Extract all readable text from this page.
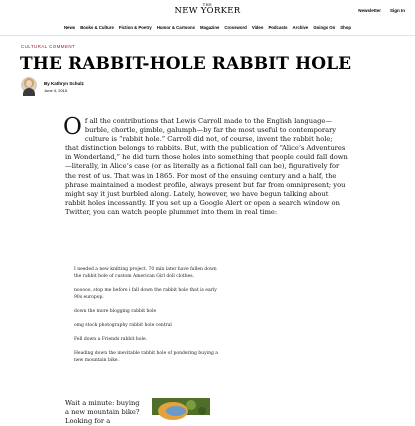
THE
NEW YORKER	Newsletter Sign In
News Books & Culture Fiction & Poetry Humor & Cartoons Magazine Crossword Video Podcasts Archive Goings On Shop
CULTURAL COMMENT
THE RABBIT-HOLE RABBIT HOLE
By Kathryn Schulz
June 4, 2015
Of all the contributions that Lewis Carroll made to the English language—burble, chortle, gimble, galumph—by far the most useful to contemporary culture is “rabbit hole.” Carroll did not, of course, invent the rabbit hole; that distinction belongs to rabbits. But, with the publication of “Alice’s Adventures in Wonderland,” he did turn those holes into something that people could fall down—literally, in Alice’s case (or as literally as a fictional fall can be), figuratively for the rest of us. That was in 1865. For most of the ensuing century and a half, the phrase maintained a modest profile, always present but far from omnipresent; you might say it just burbled along. Lately, however, we have begun talking about rabbit holes incessantly. If you set up a Google Alert or open a search window on Twitter, you can watch people plummet into them in real time:

I needed a new knitting project. 70 min later have fallen down the rabbit hole of custom American Girl doll clothes.

nooooo, stop me before i fall down the rabbit hole that is early 90s europop.

down the more blogging rabbit hole

omg stock photography rabbit hole central

Fell down a Friends rabbit hole.

Heading down the inevitable rabbit hole of pondering buying a new mountain bike.

Wait a minute: buying a new mountain bike? Looking for a
